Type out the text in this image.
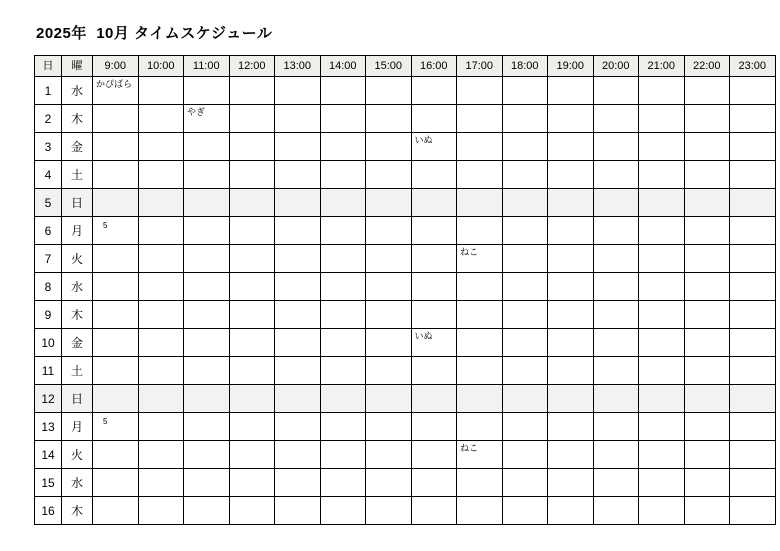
2025年  10月 タイムスケジュール
日	曜	9:00	10:00	11:00	12:00	13:00	14:00	15:00	16:00	17:00	18:00	19:00	20:00	21:00	22:00	23:00
1	水	かぴばら														

2	木			やぎ												

3	金								いぬ							

4	土															
5	日															
6	月	5														

7	火									ねこ						

8	水															
9	木															
10	金								いぬ							

11	土															
12	日															
13	月	5														

14	火									ねこ						

15	水															
16	木															
